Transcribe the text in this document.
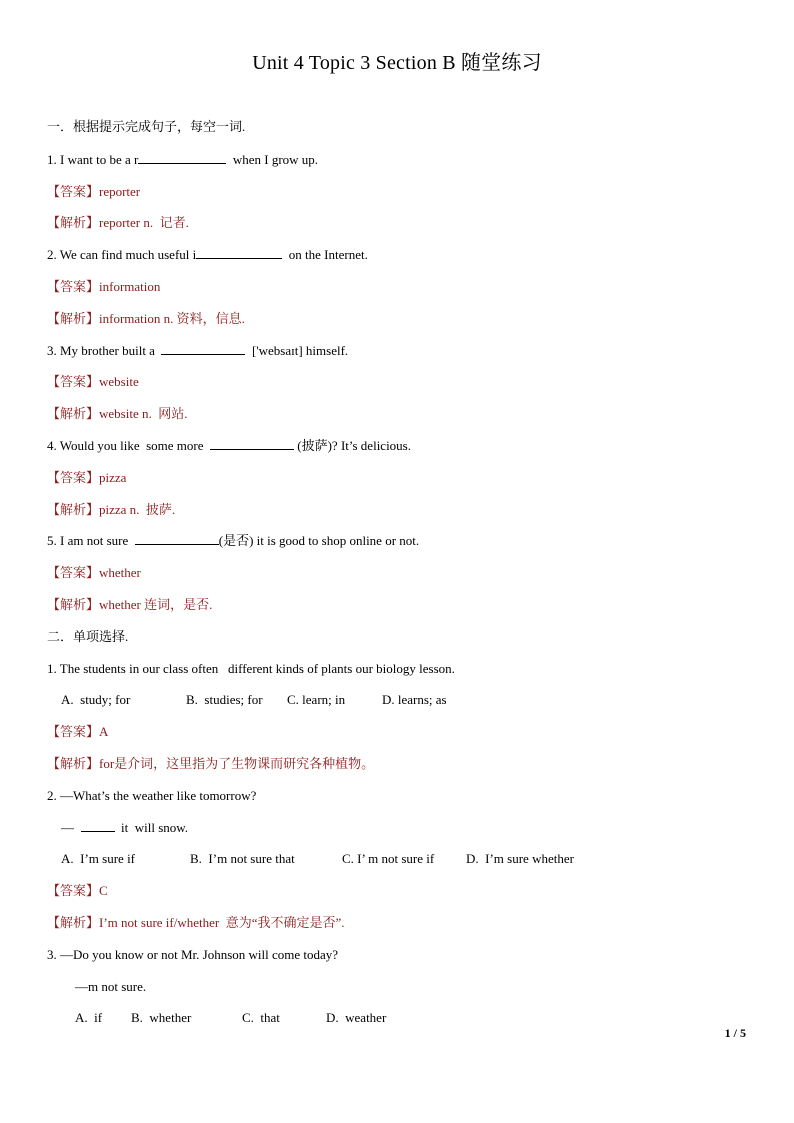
Unit 4 Topic 3 Section B 随堂练习
一．根据提示完成句子，每空一词.
1. I want to be a r	when I grow up.
【答案】reporter
【解析】reporter n.  记者.
2. We can find much useful i	on the Internet.
【答案】information
【解析】information n. 资料，信息.
3. My brother built a	['websaɪt] himself.
【答案】website
【解析】website n.  网站.
4. Would you like  some more	(披萨)? It’s delicious.
【答案】pizza
【解析】pizza n.  披萨.
5. I am not sure	(是否) it is good to shop online or not.
【答案】whether
【解析】whether 连词，是否.
二．单项选择.
1. The students in our class often   different kinds of plants our biology lesson.
A.  study; for	B.  studies; for C. learn; in	D. learns; as
【答案】A
【解析】for是介词，这里指为了生物课而研究各种植物。
2. —What’s the weather like tomorrow?
—	it  will snow.
A.  I’m sure if	B.  I’m not sure that	C. I’ m not sure if D.  I’m sure whether
【答案】C
【解析】I’m not sure if/whether  意为“我不确定是否”.
3. —Do you know or not Mr. Johnson will come today?
—m not sure.
A.  if B.  whether	C.  that	D.  weather
1 / 5
